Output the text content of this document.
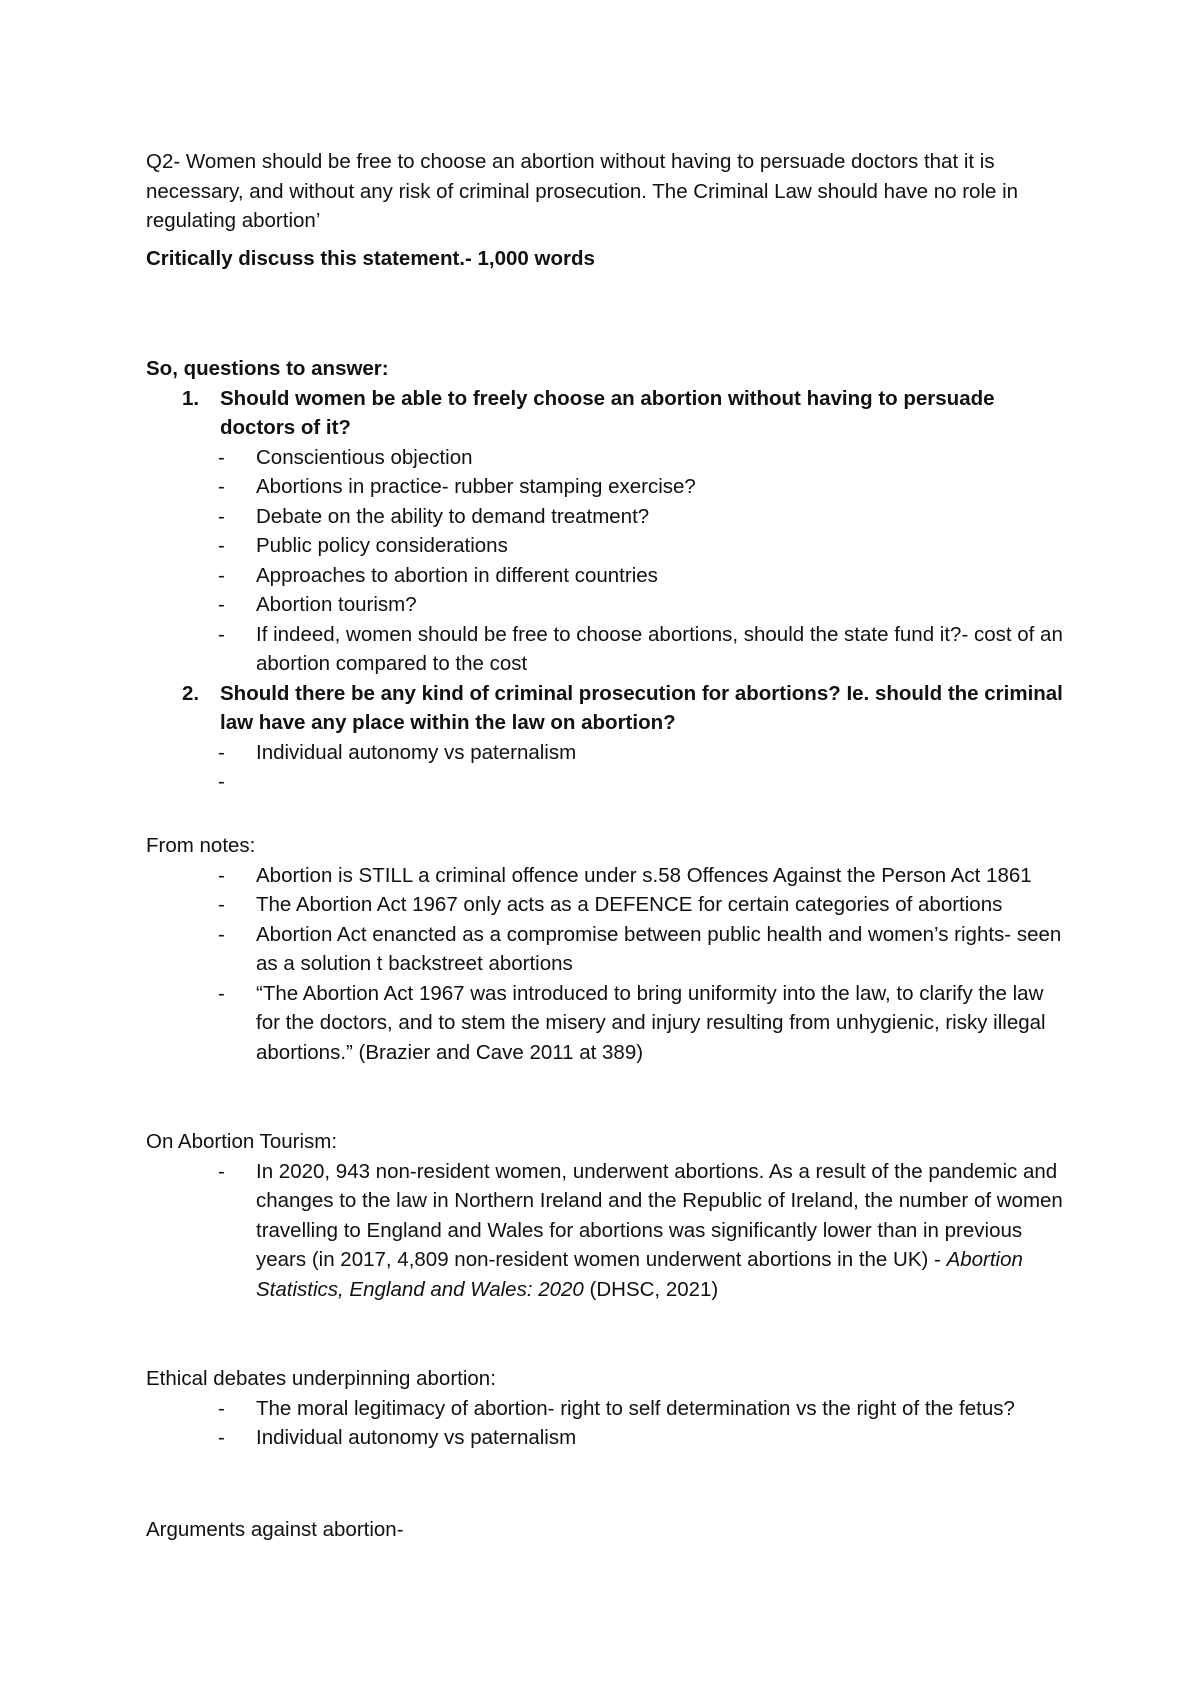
Q2- Women should be free to choose an abortion without having to persuade doctors that it is necessary, and without any risk of criminal prosecution. The Criminal Law should have no role in regulating abortion’

Critically discuss this statement.- 1,000 words

So, questions to answer:

1. Should women be able to freely choose an abortion without having to persuade doctors of it?
- Conscientious objection
- Abortions in practice- rubber stamping exercise?
- Debate on the ability to demand treatment?
- Public policy considerations
- Approaches to abortion in different countries
- Abortion tourism?
- If indeed, women should be free to choose abortions, should the state fund it?- cost of an abortion compared to the cost
2. Should there be any kind of criminal prosecution for abortions? Ie. should the criminal law have any place within the law on abortion?
- Individual autonomy vs paternalism
-

From notes:

- Abortion is STILL a criminal offence under s.58 Offences Against the Person Act 1861
- The Abortion Act 1967 only acts as a DEFENCE for certain categories of abortions
- Abortion Act enancted as a compromise between public health and women’s rights- seen as a solution t backstreet abortions
- “The Abortion Act 1967 was introduced to bring uniformity into the law, to clarify the law for the doctors, and to stem the misery and injury resulting from unhygienic, risky illegal abortions.” (Brazier and Cave 2011 at 389)

On Abortion Tourism:

- In 2020, 943 non-resident women, underwent abortions. As a result of the pandemic and changes to the law in Northern Ireland and the Republic of Ireland, the number of women travelling to England and Wales for abortions was significantly lower than in previous years (in 2017, 4,809 non-resident women underwent abortions in the UK) - Abortion Statistics, England and Wales: 2020 (DHSC, 2021)

Ethical debates underpinning abortion:

- The moral legitimacy of abortion- right to self determination vs the right of the fetus?
- Individual autonomy vs paternalism

Arguments against abortion-
